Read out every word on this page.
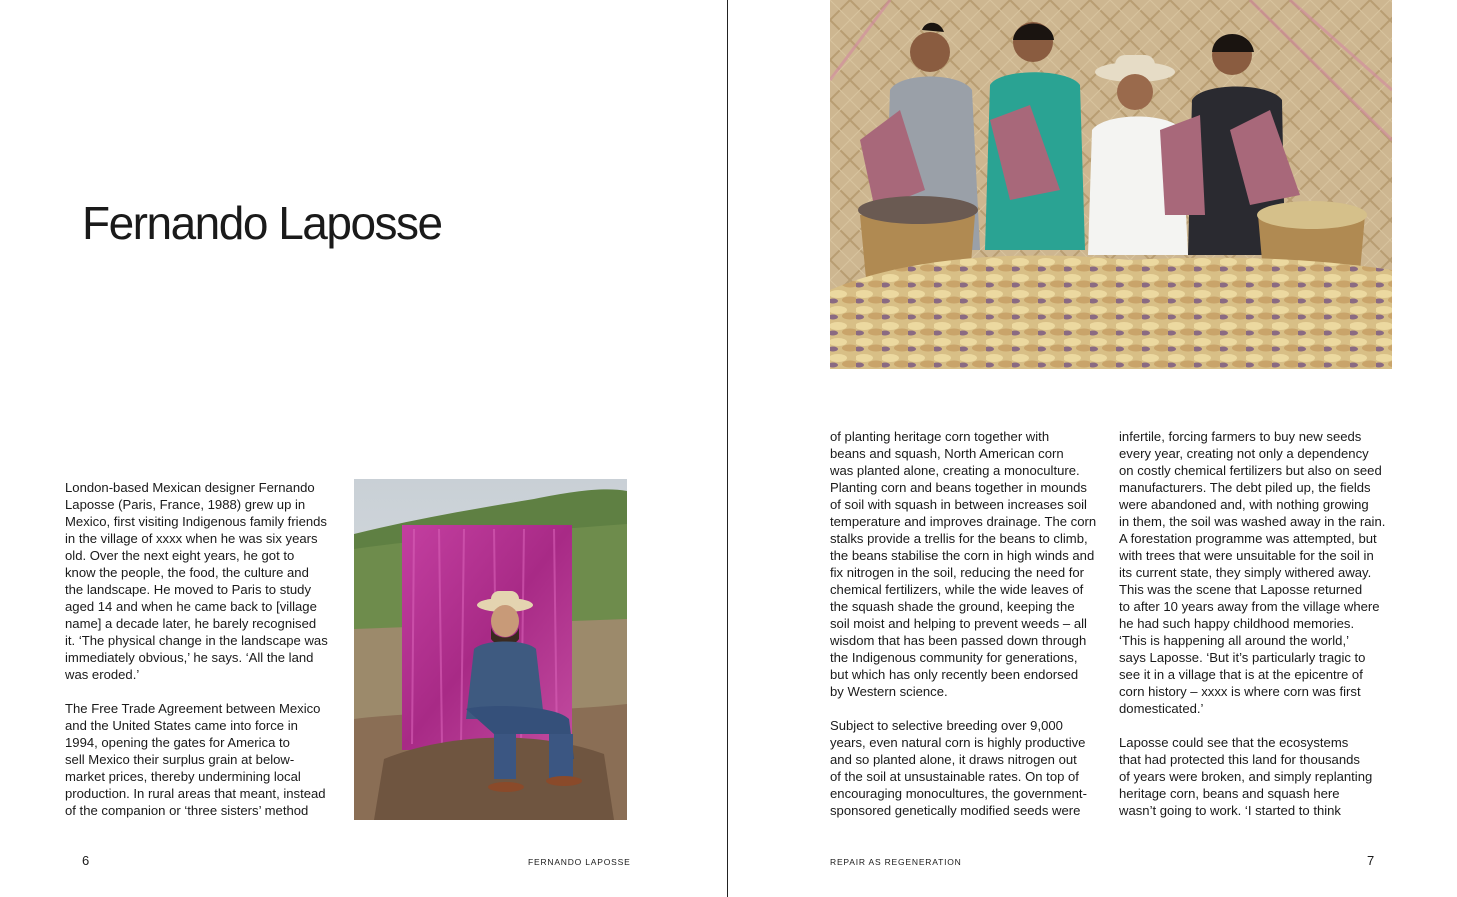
Fernando Laposse

London-based Mexican designer Fernando
Laposse (Paris, France, 1988) grew up in
Mexico, first visiting Indigenous family friends
in the village of xxxx when he was six years
old. Over the next eight years, he got to
know the people, the food, the culture and
the landscape. He moved to Paris to study
aged 14 and when he came back to [village
name] a decade later, he barely recognised
it. ‘The physical change in the landscape was
immediately obvious,’ he says. ‘All the land
was eroded.’

The Free Trade Agreement between Mexico
and the United States came into force in
1994, opening the gates for America to
sell Mexico their surplus grain at below-
market prices, thereby undermining local
production. In rural areas that meant, instead
of the companion or ‘three sisters’ method

6	FERNANDO LAPOSSE

of planting heritage corn together with
beans and squash, North American corn
was planted alone, creating a monoculture.
Planting corn and beans together in mounds
of soil with squash in between increases soil
temperature and improves drainage. The corn
stalks provide a trellis for the beans to climb,
the beans stabilise the corn in high winds and
fix nitrogen in the soil, reducing the need for
chemical fertilizers, while the wide leaves of
the squash shade the ground, keeping the
soil moist and helping to prevent weeds – all
wisdom that has been passed down through
the Indigenous community for generations,
but which has only recently been endorsed
by Western science.

Subject to selective breeding over 9,000
years, even natural corn is highly productive
and so planted alone, it draws nitrogen out
of the soil at unsustainable rates. On top of
encouraging monocultures, the government-
sponsored genetically modified seeds were

infertile, forcing farmers to buy new seeds
every year, creating not only a dependency
on costly chemical fertilizers but also on seed
manufacturers. The debt piled up, the fields
were abandoned and, with nothing growing
in them, the soil was washed away in the rain.
A forestation programme was attempted, but
with trees that were unsuitable for the soil in
its current state, they simply withered away.
This was the scene that Laposse returned
to after 10 years away from the village where
he had such happy childhood memories.
‘This is happening all around the world,’
says Laposse. ‘But it’s particularly tragic to
see it in a village that is at the epicentre of
corn history – xxxx is where corn was first
domesticated.’

Laposse could see that the ecosystems
that had protected this land for thousands
of years were broken, and simply replanting
heritage corn, beans and squash here
wasn’t going to work. ‘I started to think

REPAIR AS REGENERATION	7
